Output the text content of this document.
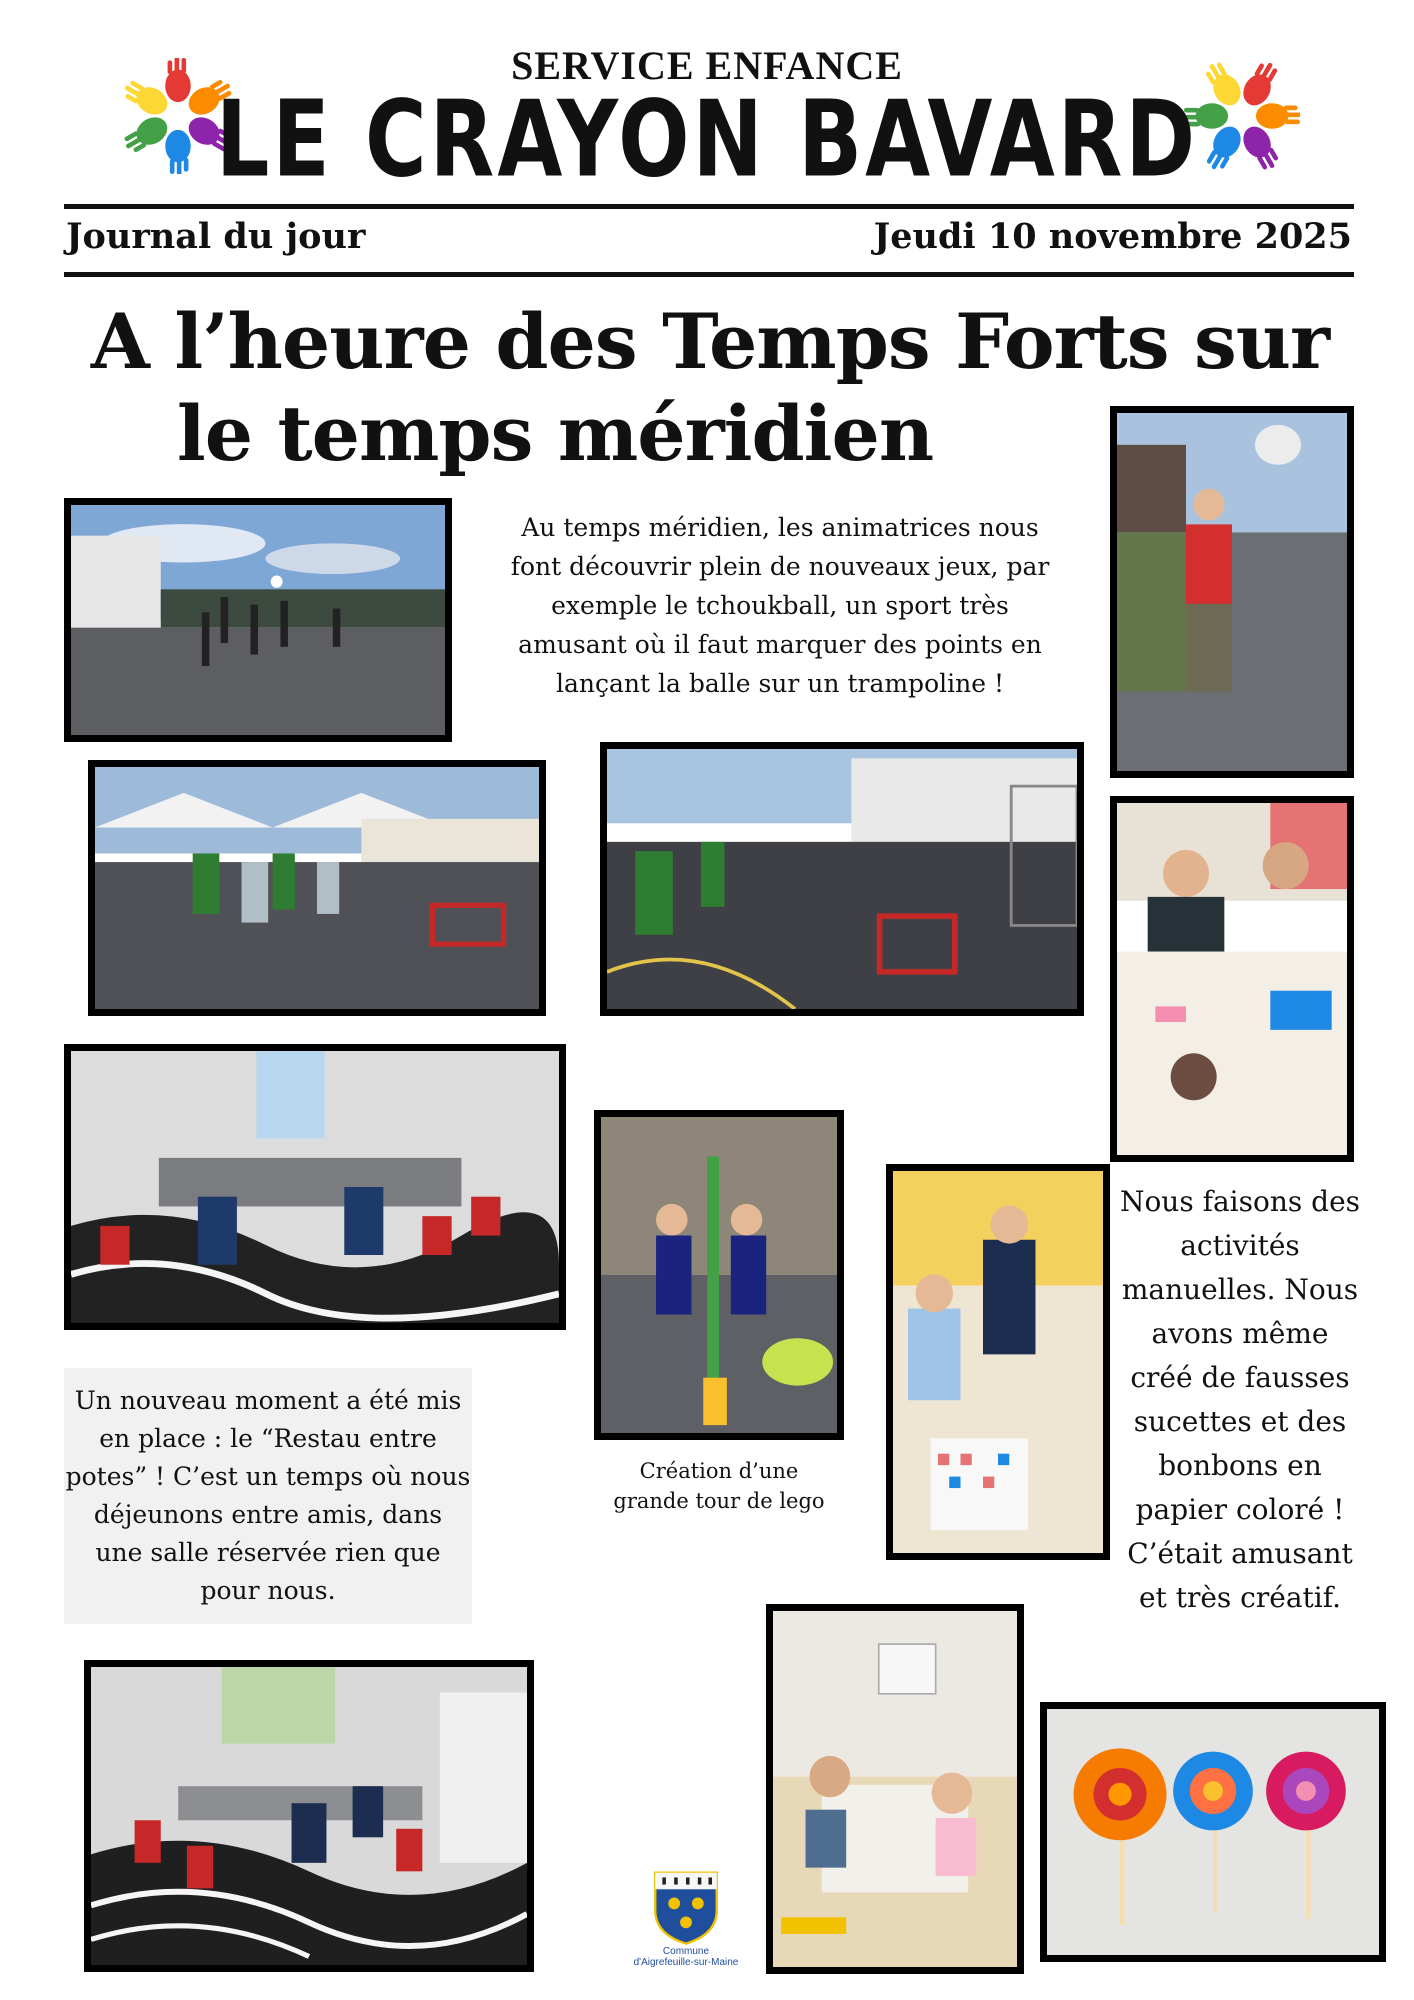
SERVICE ENFANCE
LE CRAYON BAVARD
Journal du jour	Jeudi 10 novembre 2025
A l’heure des Temps Forts sur
le temps méridien
Au temps méridien, les animatrices nous
font découvrir plein de nouveaux jeux, par
exemple le tchoukball, un sport très
amusant où il faut marquer des points en
lançant la balle sur un trampoline !
Création d’une
grande tour de lego
Nous faisons des
activités
manuelles. Nous
avons même
créé de fausses
sucettes et des
bonbons en
papier coloré !
C’était amusant
et très créatif.
Un nouveau moment a été mis
en place : le “Restau entre
potes” ! C’est un temps où nous
déjeunons entre amis, dans
une salle réservée rien que
pour nous.
Commune
d'Aigrefeuille-sur-Maine
